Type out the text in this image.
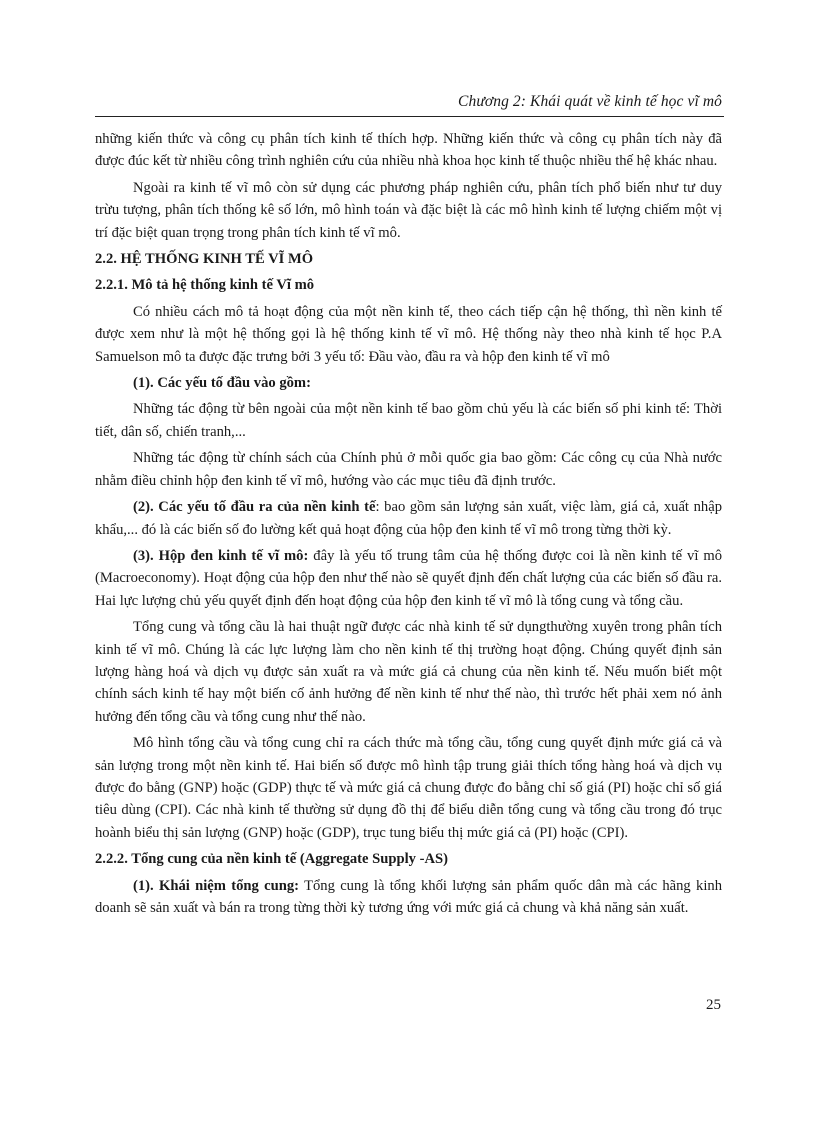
Chương 2: Khái quát về kinh tế học vĩ mô

những kiến thức và công cụ phân tích kinh tế thích hợp. Những kiến thức và công cụ phân tích này đã được đúc kết từ nhiều công trình nghiên cứu của nhiều nhà khoa học kinh tế thuộc nhiều thế hệ khác nhau.

Ngoài ra kinh tế vĩ mô còn sử dụng các phương pháp nghiên cứu, phân tích phổ biến như tư duy trừu tượng, phân tích thống kê số lớn, mô hình toán và đặc biệt là các mô hình kinh tế lượng chiếm một vị trí đặc biệt quan trọng trong phân tích kinh tế vĩ mô.

2.2. HỆ THỐNG KINH TẾ VĨ MÔ

2.2.1. Mô tả hệ thống kinh tế Vĩ mô

Có nhiều cách mô tả hoạt động của một nền kinh tế, theo cách tiếp cận hệ thống, thì nền kinh tế được xem như là một hệ thống gọi là hệ thống kinh tế vĩ mô. Hệ thống này theo nhà kinh tế học P.A Samuelson mô ta được đặc trưng bởi 3 yếu tố: Đầu vào, đầu ra và hộp đen kinh tế vĩ mô

(1). Các yếu tố đầu vào gồm:

Những tác động từ bên ngoài của một nền kinh tế bao gồm chủ yếu là các biến số phi kinh tế: Thời tiết, dân số, chiến tranh,...

Những tác động từ chính sách của Chính phủ ở mỗi quốc gia bao gồm: Các công cụ của Nhà nước nhằm điều chỉnh hộp đen kinh tế vĩ mô, hướng vào các mục tiêu đã định trước.

(2). Các yếu tố đầu ra của nền kinh tế: bao gồm sản lượng sản xuất, việc làm, giá cả, xuất nhập khẩu,... đó là các biến số đo lường kết quả hoạt động của hộp đen kinh tế vĩ mô trong từng thời kỳ.

(3). Hộp đen kinh tế vĩ mô: đây là yếu tố trung tâm của hệ thống được coi là nền kinh tế vĩ mô (Macroeconomy). Hoạt động của hộp đen như thế nào sẽ quyết định đến chất lượng của các biến số đầu ra. Hai lực lượng chủ yếu quyết định đến hoạt động của hộp đen kinh tế vĩ mô là tổng cung và tổng cầu.

Tổng cung và tổng cầu là hai thuật ngữ được các nhà kinh tế sử dụngthường xuyên trong phân tích kinh tế vĩ mô. Chúng là các lực lượng làm cho nền kinh tế thị trường hoạt động. Chúng quyết định sản lượng hàng hoá và dịch vụ được sản xuất ra và mức giá cả chung của nền kinh tế. Nếu muốn biết một chính sách kinh tế hay một biến cố ảnh hưởng đế nền kinh tế như thế nào, thì trước hết phải xem nó ảnh hưởng đến tổng cầu và tổng cung như thế nào.

Mô hình tổng cầu và tổng cung chỉ ra cách thức mà tổng cầu, tổng cung quyết định mức giá cả và sản lượng trong một nền kinh tế. Hai biến số được mô hình tập trung giải thích tổng hàng hoá và dịch vụ được đo bằng (GNP) hoặc (GDP) thực tế và mức giá cả chung được đo bằng chỉ số giá (PI) hoặc chỉ số giá tiêu dùng (CPI). Các nhà kinh tế thường sử dụng đồ thị để biểu diễn tổng cung và tổng cầu trong đó trục hoành biểu thị sản lượng (GNP) hoặc (GDP), trục tung biểu thị mức giá cả (PI) hoặc (CPI).

2.2.2. Tổng cung của nền kinh tế (Aggregate Supply -AS)

(1). Khái niệm tổng cung: Tổng cung là tổng khối lượng sản phẩm quốc dân mà các hãng kinh doanh sẽ sản xuất và bán ra trong từng thời kỳ tương ứng với mức giá cả chung và khả năng sản xuất.

25
